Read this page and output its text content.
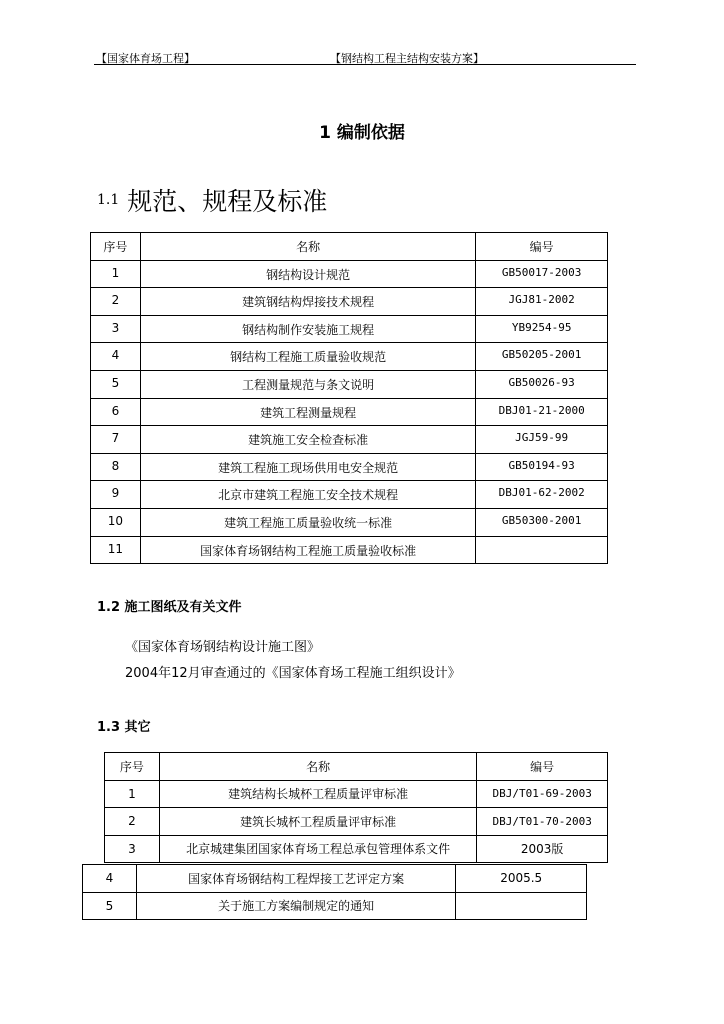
【国家体育场工程】	【钢结构工程主结构安装方案】
1 编制依据
1.1 规范、规程及标准
序号	名称	编号
1	钢结构设计规范	GB50017-2003
2	建筑钢结构焊接技术规程	JGJ81-2002
3	钢结构制作安装施工规程	YB9254-95
4	钢结构工程施工质量验收规范	GB50205-2001
5	工程测量规范与条文说明	GB50026-93
6	建筑工程测量规程	DBJ01-21-2000
7	建筑施工安全检查标准	JGJ59-99
8	建筑工程施工现场供用电安全规范	GB50194-93
9	北京市建筑工程施工安全技术规程	DBJ01-62-2002
10	建筑工程施工质量验收统一标准	GB50300-2001
11	国家体育场钢结构工程施工质量验收标准	
1.2 施工图纸及有关文件
《国家体育场钢结构设计施工图》
2004年12月审查通过的《国家体育场工程施工组织设计》
1.3 其它
序号	名称	编号
1	建筑结构长城杯工程质量评审标准	DBJ/T01-69-2003
2	建筑长城杯工程质量评审标准	DBJ/T01-70-2003
3	北京城建集团国家体育场工程总承包管理体系文件	2003版
4	国家体育场钢结构工程焊接工艺评定方案	2005.5
5	关于施工方案编制规定的通知	
